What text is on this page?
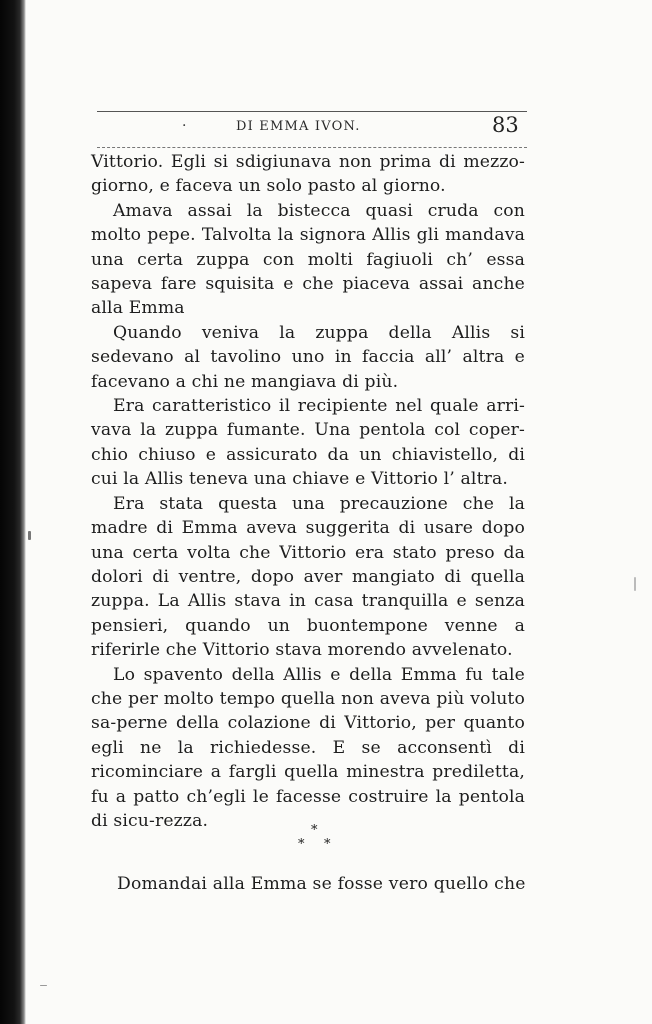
·	DI EMMA IVON.	83

Vittorio. Egli si sdigiunava non prima di mezzo-giorno, e faceva un solo pasto al giorno.

Amava assai la bistecca quasi cruda con molto pepe. Talvolta la signora Allis gli mandava una certa zuppa con molti fagiuoli ch’ essa sapeva fare squisita e che piaceva assai anche alla Emma

Quando veniva la zuppa della Allis si sedevano al tavolino uno in faccia all’ altra e facevano a chi ne mangiava di più.

Era caratteristico il recipiente nel quale arri-vava la zuppa fumante. Una pentola col coper-chio chiuso e assicurato da un chiavistello, di cui la Allis teneva una chiave e Vittorio l’ altra.

Era stata questa una precauzione che la madre di Emma aveva suggerita di usare dopo una certa volta che Vittorio era stato preso da dolori di ventre, dopo aver mangiato di quella zuppa. La Allis stava in casa tranquilla e senza pensieri, quando un buontempone venne a riferirle che Vittorio stava morendo avvelenato.

Lo spavento della Allis e della Emma fu tale che per molto tempo quella non aveva più voluto sa-perne della colazione di Vittorio, per quanto egli ne la richiedesse. E se acconsentì di ricominciare a fargli quella minestra prediletta, fu a patto ch’egli le facesse costruire la pentola di sicu-rezza.	*
* *
Domandai alla Emma se fosse vero quello che
